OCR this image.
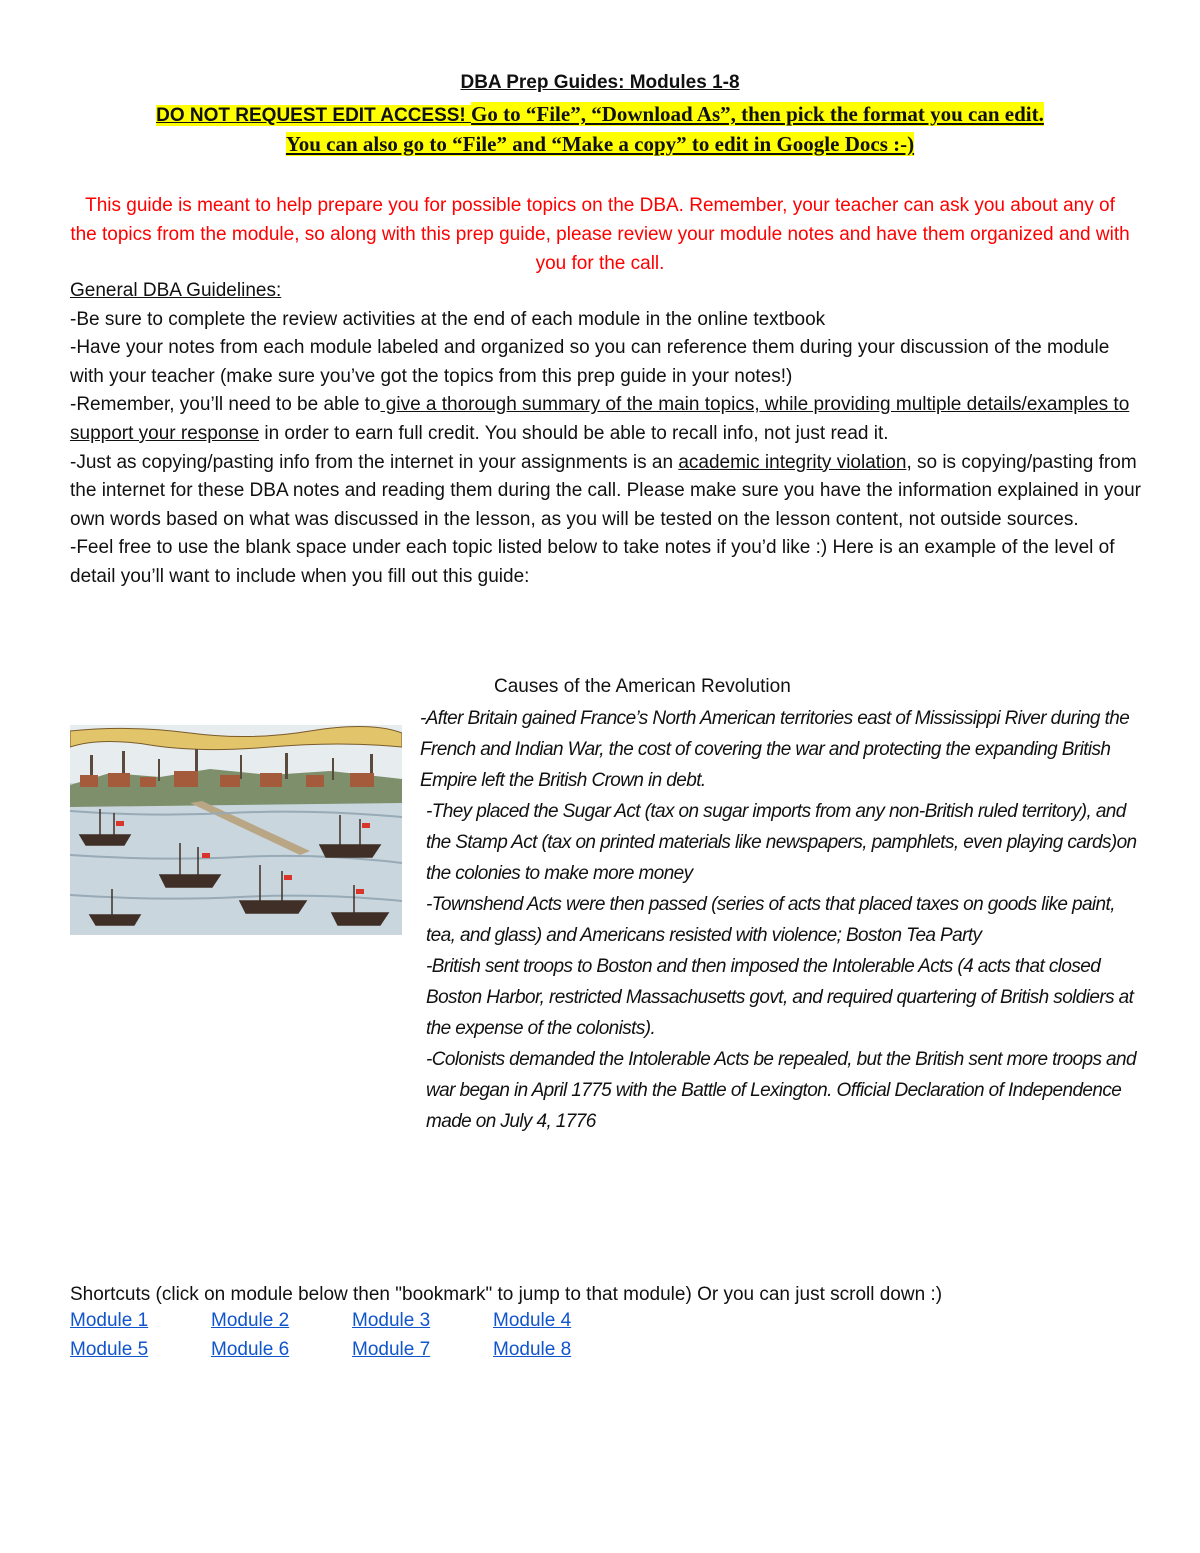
DBA Prep Guides: Modules 1-8
DO NOT REQUEST EDIT ACCESS! Go to “File”, “Download As”, then pick the format you can edit.
You can also go to “File” and “Make a copy” to edit in Google Docs :-)
This guide is meant to help prepare you for possible topics on the DBA. Remember, your teacher can ask you about any of the topics from the module, so along with this prep guide, please review your module notes and have them organized and with you for the call.

General DBA Guidelines:

-Be sure to complete the review activities at the end of each module in the online textbook

-Have your notes from each module labeled and organized so you can reference them during your discussion of the module with your teacher (make sure you’ve got the topics from this prep guide in your notes!)

-Remember, you’ll need to be able to give a thorough summary of the main topics, while providing multiple details/examples to support your response in order to earn full credit. You should be able to recall info, not just read it.

-Just as copying/pasting info from the internet in your assignments is an academic integrity violation, so is copying/pasting from the internet for these DBA notes and reading them during the call. Please make sure you have the information explained in your own words based on what was discussed in the lesson, as you will be tested on the lesson content, not outside sources.

-Feel free to use the blank space under each topic listed below to take notes if you’d like :) Here is an example of the level of detail you’ll want to include when you fill out this guide:

Causes of the American Revolution

-After Britain gained France’s North American territories east of Mississippi River during the French and Indian War, the cost of covering the war and protecting the expanding British Empire left the British Crown in debt.

-They placed the Sugar Act (tax on sugar imports from any non-British ruled territory), and the Stamp Act (tax on printed materials like newspapers, pamphlets, even playing cards)on the colonies to make more money

-Townshend Acts were then passed (series of acts that placed taxes on goods like paint, tea, and glass) and Americans resisted with violence; Boston Tea Party

-British sent troops to Boston and then imposed the Intolerable Acts (4 acts that closed Boston Harbor, restricted Massachusetts govt, and required quartering of British soldiers at the expense of the colonists).

-Colonists demanded the Intolerable Acts be repealed, but the British sent more troops and war began in April 1775 with the Battle of Lexington. Official Declaration of Independence made on July 4, 1776

Shortcuts (click on module below then "bookmark" to jump to that module) Or you can just scroll down :)
Module 1	Module 2	Module 3	Module 4
Module 5	Module 6	Module 7	Module 8
